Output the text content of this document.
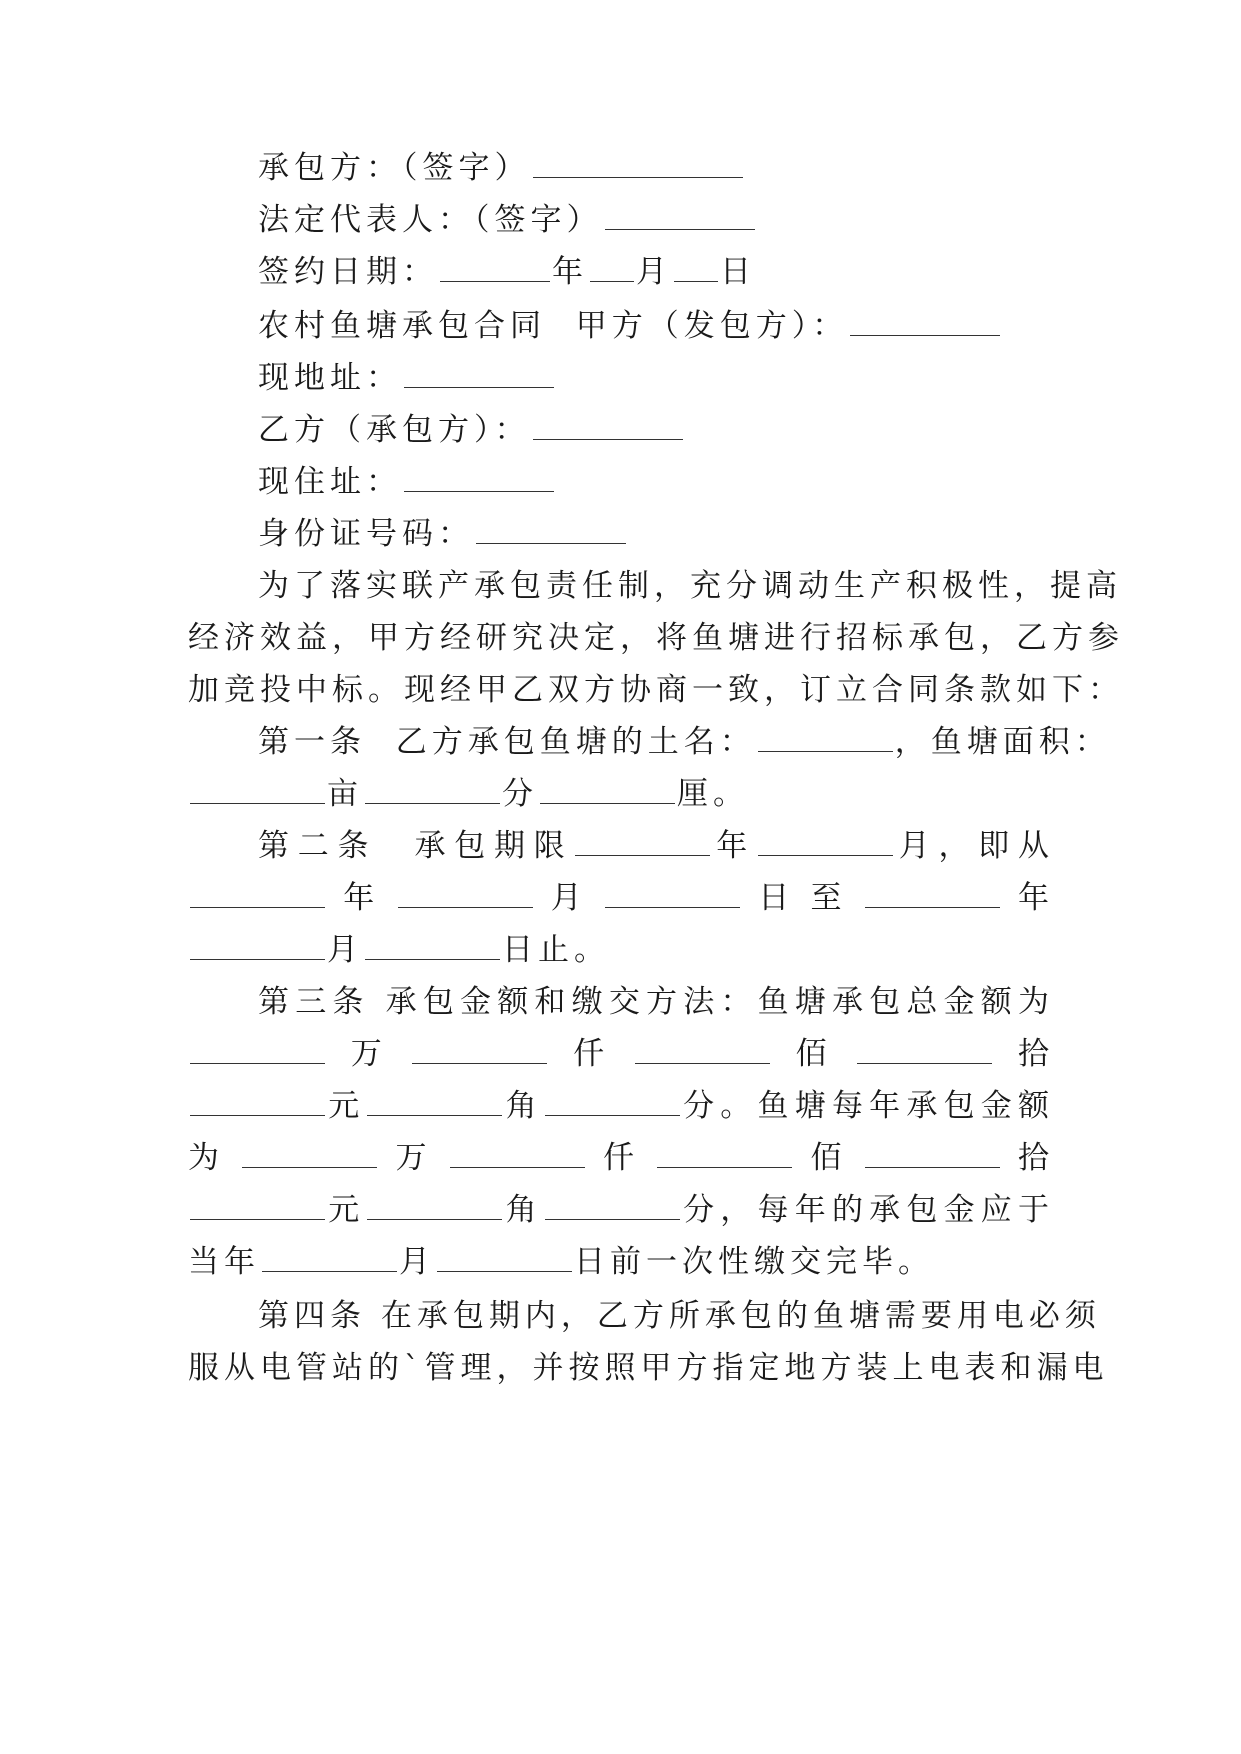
承包方：（签字）
法定代表人：（签字）
签约日期：	年 月 日
农村鱼塘承包合同  甲方（发包方）：
现地址：
乙方（承包方）：
现住址：
身份证号码：
为了落实联产承包责任制，充分调动生产积极性，提高
经济效益，甲方经研究决定，将鱼塘进行招标承包，乙方参
加竞投中标。现经甲乙双方协商一致，订立合同条款如下：
第一条  乙方承包鱼塘的土名：	，鱼塘面积：
亩	分	厘。
第二条  承包期限	年	月，即从
年	月	日至	年
月	日止。
第三条 承包金额和缴交方法：鱼塘承包总金额为
万	仟	佰	拾
元	角	分。鱼塘每年承包金额
为	万	仟	佰	拾
元	角	分，每年的承包金应于
当年	月	日前一次性缴交完毕。
第四条 在承包期内，乙方所承包的鱼塘需要用电必须
服从电管站的`管理，并按照甲方指定地方装上电表和漏电
